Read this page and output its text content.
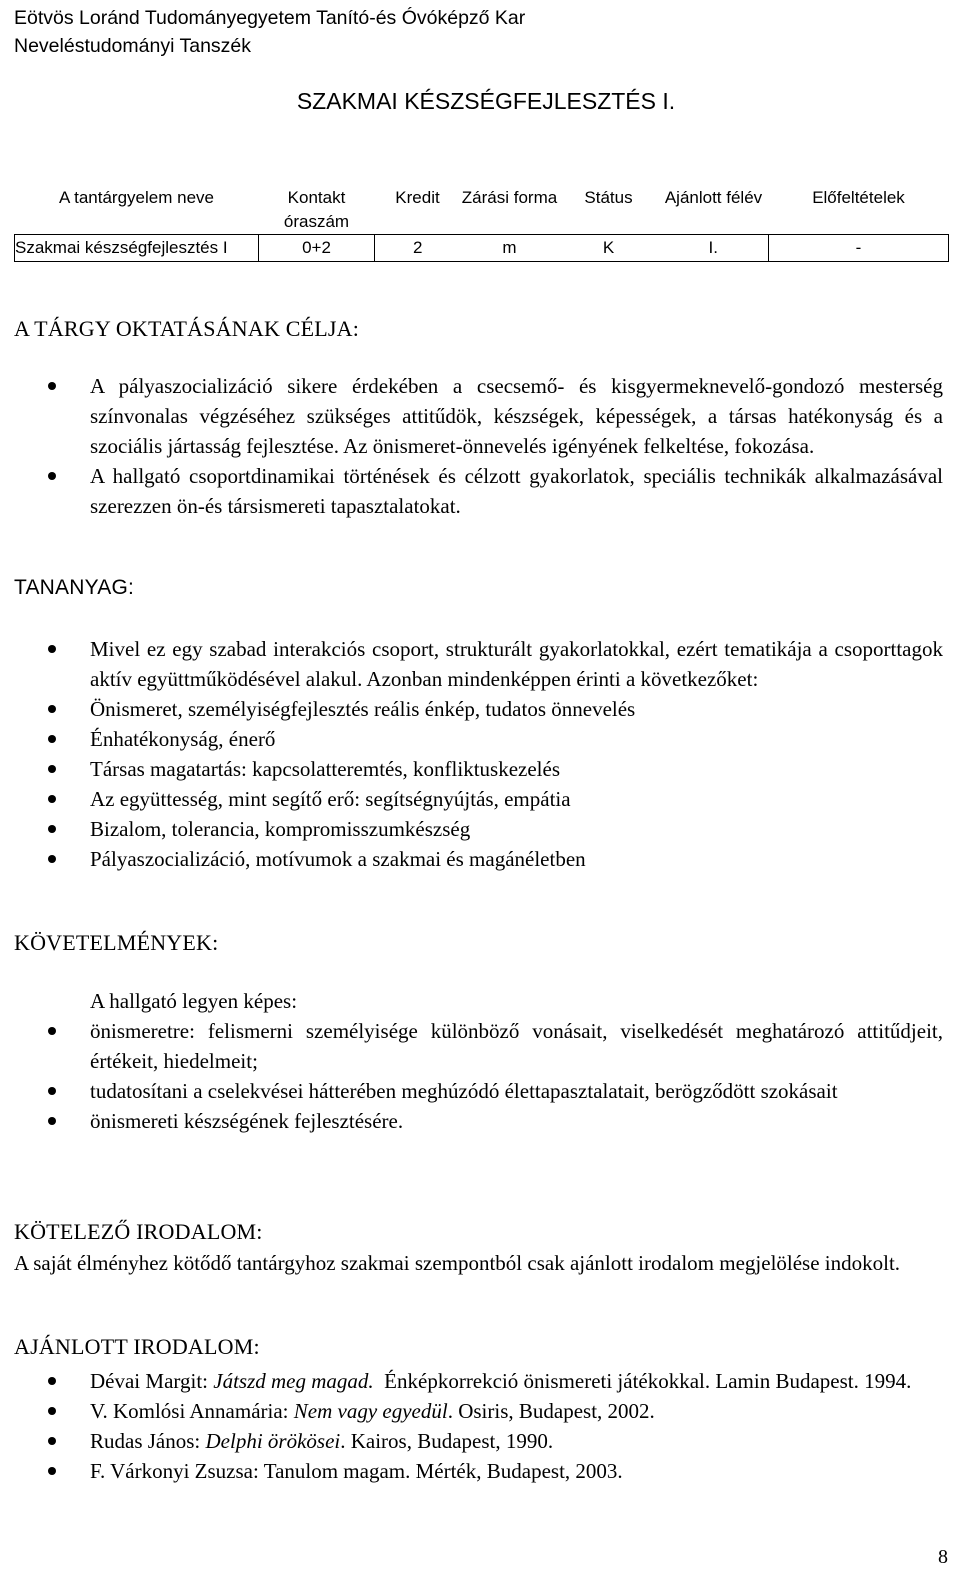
Eötvös Loránd Tudományegyetem Tanító-és Óvóképző Kar
Neveléstudományi Tanszék
SZAKMAI KÉSZSÉGFEJLESZTÉS I.
A tantárgyelem neve	Kontakt óraszám	Kredit	Zárási forma	Státus	Ajánlott félév	Előfeltételek
Szakmai készségfejlesztés I	0+2	2	m	K	I.	-
A TÁRGY OKTATÁSÁNAK CÉLJA:
A pályaszocializáció sikere érdekében a csecsemő- és kisgyermeknevelő-gondozó mesterség színvonalas végzéséhez szükséges attitűdök, készségek, képességek, a társas hatékonyság és a szociális jártasság fejlesztése. Az önismeret-önnevelés igényének felkeltése, fokozása.
A hallgató csoportdinamikai történések és célzott gyakorlatok, speciális technikák alkalmazásával szerezzen ön-és társismereti tapasztalatokat.
TANANYAG:
Mivel ez egy szabad interakciós csoport, strukturált gyakorlatokkal, ezért tematikája a csoporttagok aktív együttműködésével alakul. Azonban mindenképpen érinti a következőket:
Önismeret, személyiségfejlesztés reális énkép, tudatos önnevelés
Énhatékonyság, énerő
Társas magatartás: kapcsolatteremtés, konfliktuskezelés
Az együttesség, mint segítő erő: segítségnyújtás, empátia
Bizalom, tolerancia, kompromisszumkészség
Pályaszocializáció, motívumok a szakmai és magánéletben
KÖVETELMÉNYEK:
A hallgató legyen képes:
önismeretre: felismerni személyisége különböző vonásait, viselkedését meghatározó attitűdjeit, értékeit, hiedelmeit;
tudatosítani a cselekvései hátterében meghúzódó élettapasztalatait, berögződött szokásait
önismereti készségének fejlesztésére.
KÖTELEZŐ IRODALOM:
A saját élményhez kötődő tantárgyhoz szakmai szempontból csak ajánlott irodalom megjelölése indokolt.
AJÁNLOTT IRODALOM:
Dévai Margit: Játszd meg magad.  Énképkorrekció önismereti játékokkal. Lamin Budapest. 1994.
V. Komlósi Annamária: Nem vagy egyedül. Osiris, Budapest, 2002.
Rudas János: Delphi örökösei. Kairos, Budapest, 1990.
F. Várkonyi Zsuzsa: Tanulom magam. Mérték, Budapest, 2003.
8
